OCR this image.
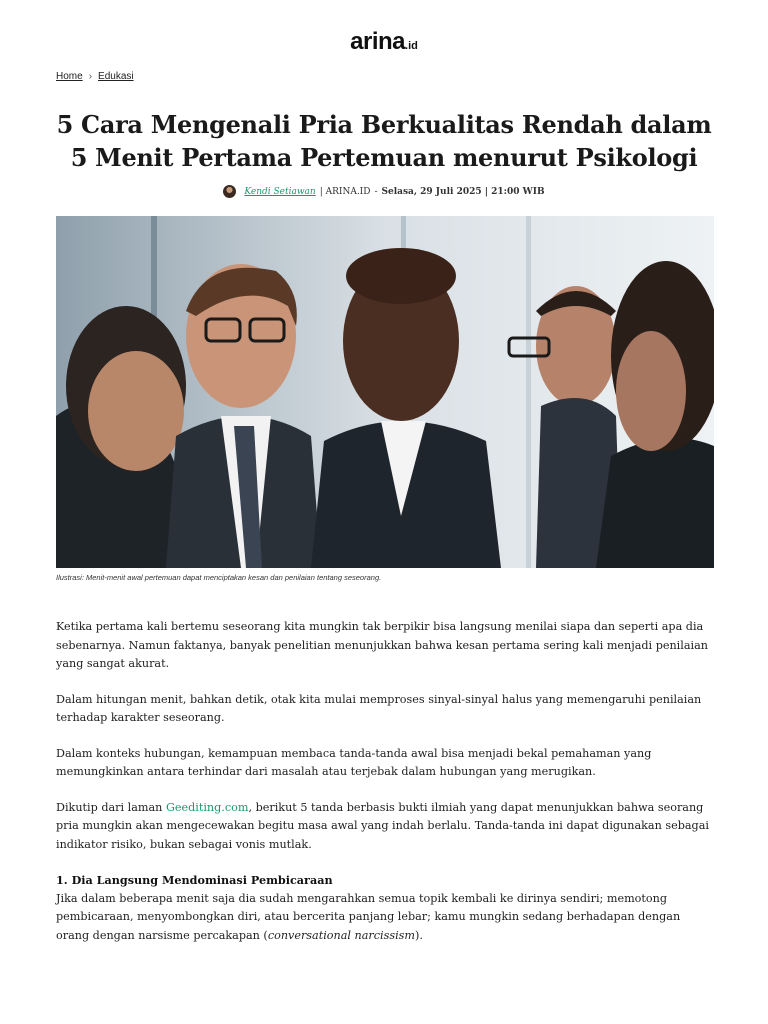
arina.id
Home › Edukasi
5 Cara Mengenali Pria Berkualitas Rendah dalam 5 Menit Pertama Pertemuan menurut Psikologi
Kendi Setiawan | ARINA.ID - Selasa, 29 Juli 2025 | 21:00 WIB
Ilustrasi: Menit-menit awal pertemuan dapat menciptakan kesan dan penilaian tentang seseorang.

Ketika pertama kali bertemu seseorang kita mungkin tak berpikir bisa langsung menilai siapa dan seperti apa dia sebenarnya. Namun faktanya, banyak penelitian menunjukkan bahwa kesan pertama sering kali menjadi penilaian yang sangat akurat.

Dalam hitungan menit, bahkan detik, otak kita mulai memproses sinyal-sinyal halus yang memengaruhi penilaian terhadap karakter seseorang.

Dalam konteks hubungan, kemampuan membaca tanda-tanda awal bisa menjadi bekal pemahaman yang memungkinkan antara terhindar dari masalah atau terjebak dalam hubungan yang merugikan.

Dikutip dari laman Geediting.com, berikut 5 tanda berbasis bukti ilmiah yang dapat menunjukkan bahwa seorang pria mungkin akan mengecewakan begitu masa awal yang indah berlalu. Tanda-tanda ini dapat digunakan sebagai indikator risiko, bukan sebagai vonis mutlak.

1. Dia Langsung Mendominasi Pembicaraan

Jika dalam beberapa menit saja dia sudah mengarahkan semua topik kembali ke dirinya sendiri; memotong pembicaraan, menyombongkan diri, atau bercerita panjang lebar; kamu mungkin sedang berhadapan dengan orang dengan narsisme percakapan (conversational narcissism).
